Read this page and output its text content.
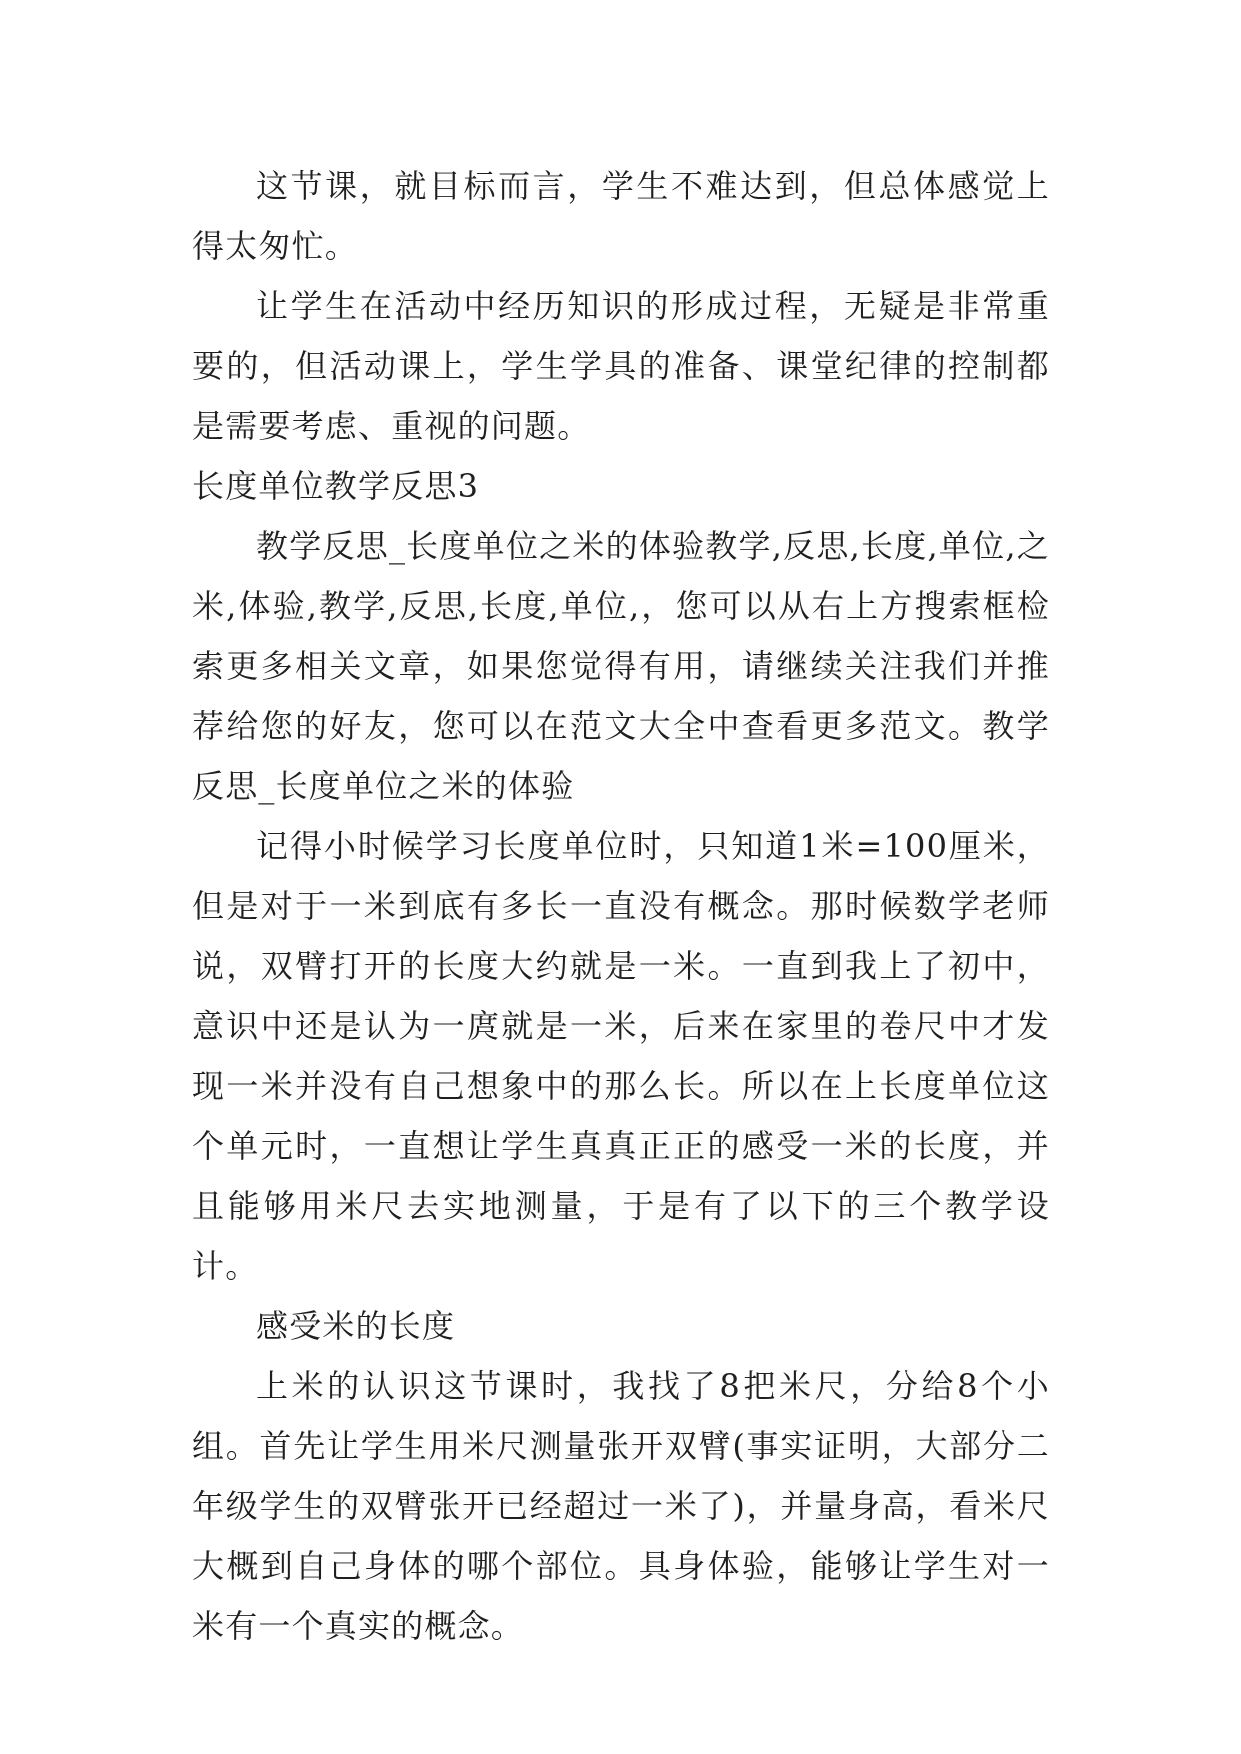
这节课，就目标而言，学生不难达到，但总体感觉上得太匆忙。

让学生在活动中经历知识的形成过程，无疑是非常重要的，但活动课上，学生学具的准备、课堂纪律的控制都是需要考虑、重视的问题。

长度单位教学反思3

教学反思_长度单位之米的体验教学,反思,长度,单位,之米,体验,教学,反思,长度,单位,，您可以从右上方搜索框检索更多相关文章，如果您觉得有用，请继续关注我们并推荐给您的好友，您可以在范文大全中查看更多范文。教学反思_长度单位之米的体验

记得小时候学习长度单位时，只知道1米=100厘米，但是对于一米到底有多长一直没有概念。那时候数学老师说，双臂打开的长度大约就是一米。一直到我上了初中，意识中还是认为一庹就是一米，后来在家里的卷尺中才发现一米并没有自己想象中的那么长。所以在上长度单位这个单元时，一直想让学生真真正正的感受一米的长度，并且能够用米尺去实地测量，于是有了以下的三个教学设计。

感受米的长度

上米的认识这节课时，我找了8把米尺，分给8个小组。首先让学生用米尺测量张开双臂(事实证明，大部分二年级学生的双臂张开已经超过一米了)，并量身高，看米尺大概到自己身体的哪个部位。具身体验，能够让学生对一米有一个真实的概念。
